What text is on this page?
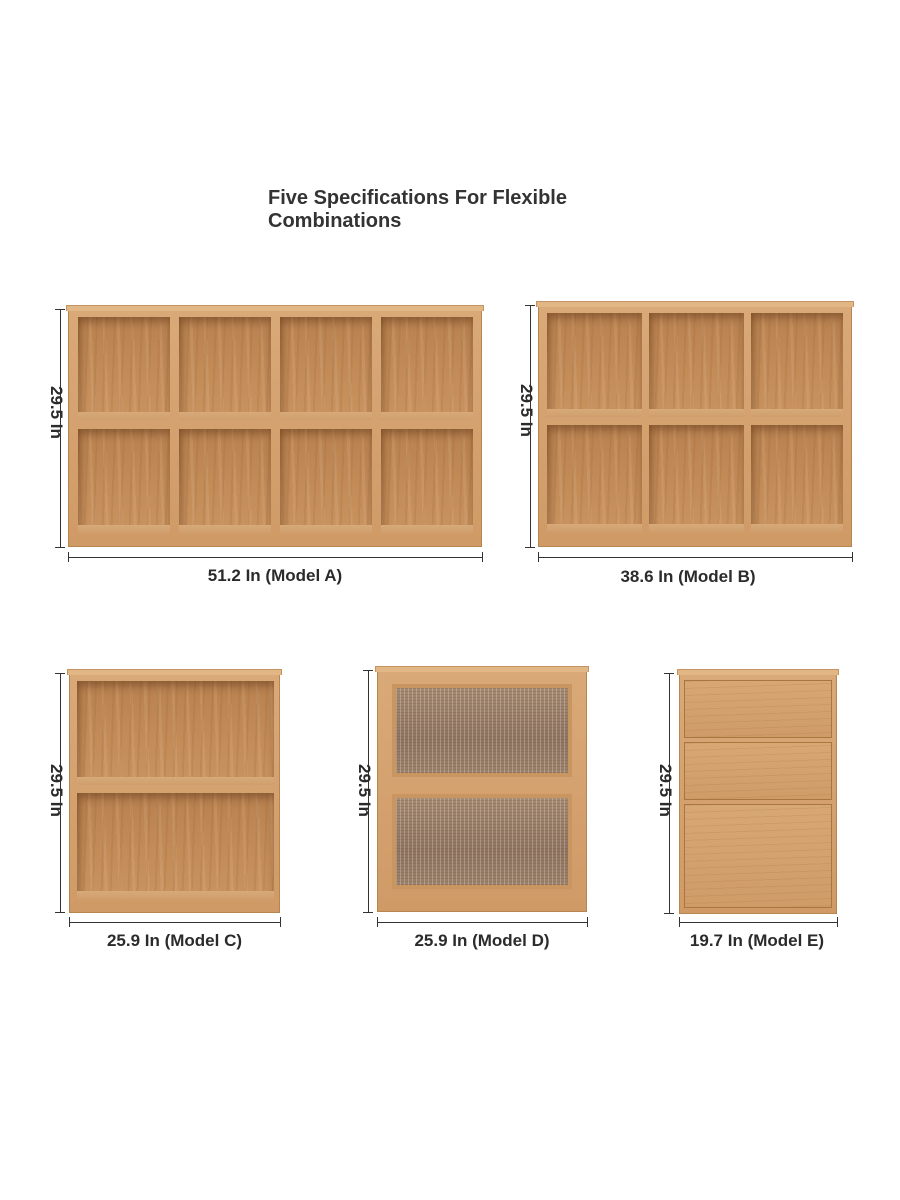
Five Specifications For Flexible Combinations
29.5 In
51.2 In (Model A)
29.5 In
38.6 In (Model B)
29.5 In
25.9 In (Model C)
29.5 In
25.9 In (Model D)
29.5 In
19.7 In (Model E)
